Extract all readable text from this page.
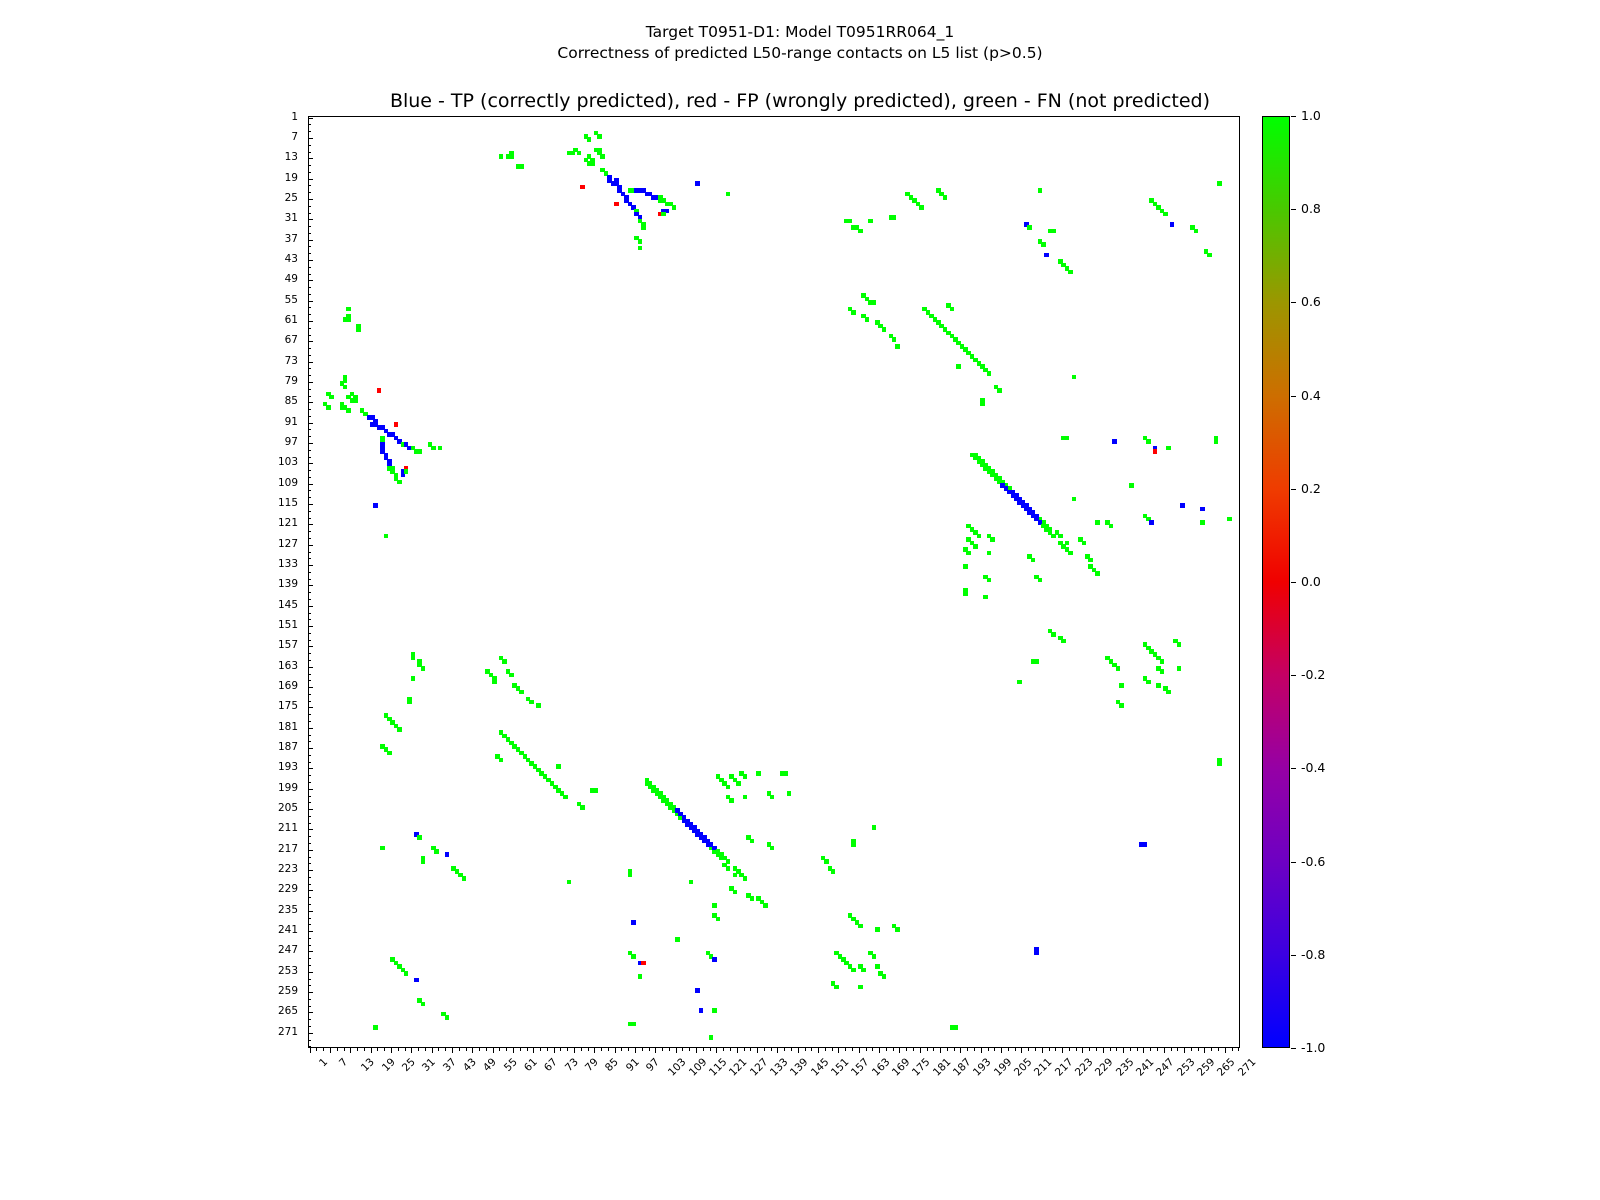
Target T0951-D1: Model T0951RR064_1
Correctness of predicted L50-range contacts on L5 list (p>0.5)
Blue - TP (correctly predicted), red - FP (wrongly predicted), green - FN (not predicted)
1
7
13
19
25
31
37
43
49
55
61
67
73
79
85
91
97
103
109
115
121
127
133
139
145
151
157
163
169
175
181
187
193
199
205
211
217
223
229
235
241
247
253
259
265
271
1 7 13 19 25 31 37 43 49 55 61 67 73 79 85 91 97 103
109
115
121
127
133
139
145
151
157
163
169
175
181
187
193
199
205
211
217
223
229
235
241
247
253
259
265
271
1.0
0.8
0.6
0.4
0.2
0.0
-0.2
-0.4
-0.6
-0.8
-1.0
